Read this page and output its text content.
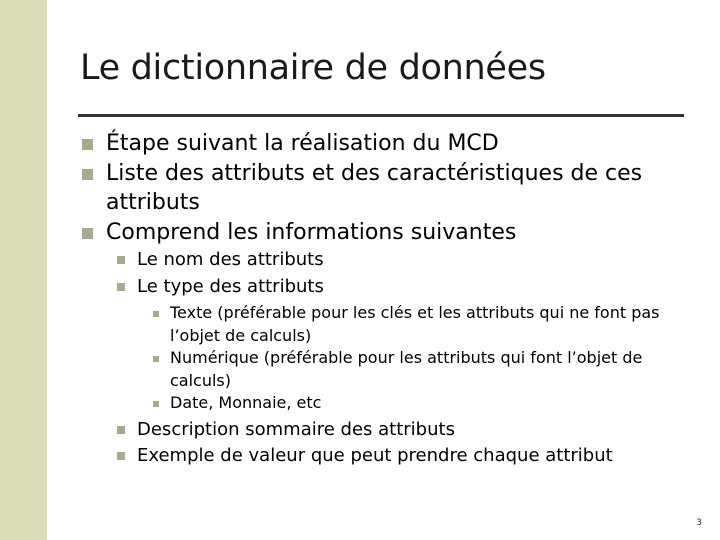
Le dictionnaire de données
Étape suivant la réalisation du MCD
Liste des attributs et des caractéristiques de ces attributs
Comprend les informations suivantes
Le nom des attributs
Le type des attributs
Texte (préférable pour les clés et les attributs qui ne font pas l’objet de calculs)
Numérique (préférable pour les attributs qui font l’objet de calculs)
Date, Monnaie, etc
Description sommaire des attributs
Exemple de valeur que peut prendre chaque attribut
3
